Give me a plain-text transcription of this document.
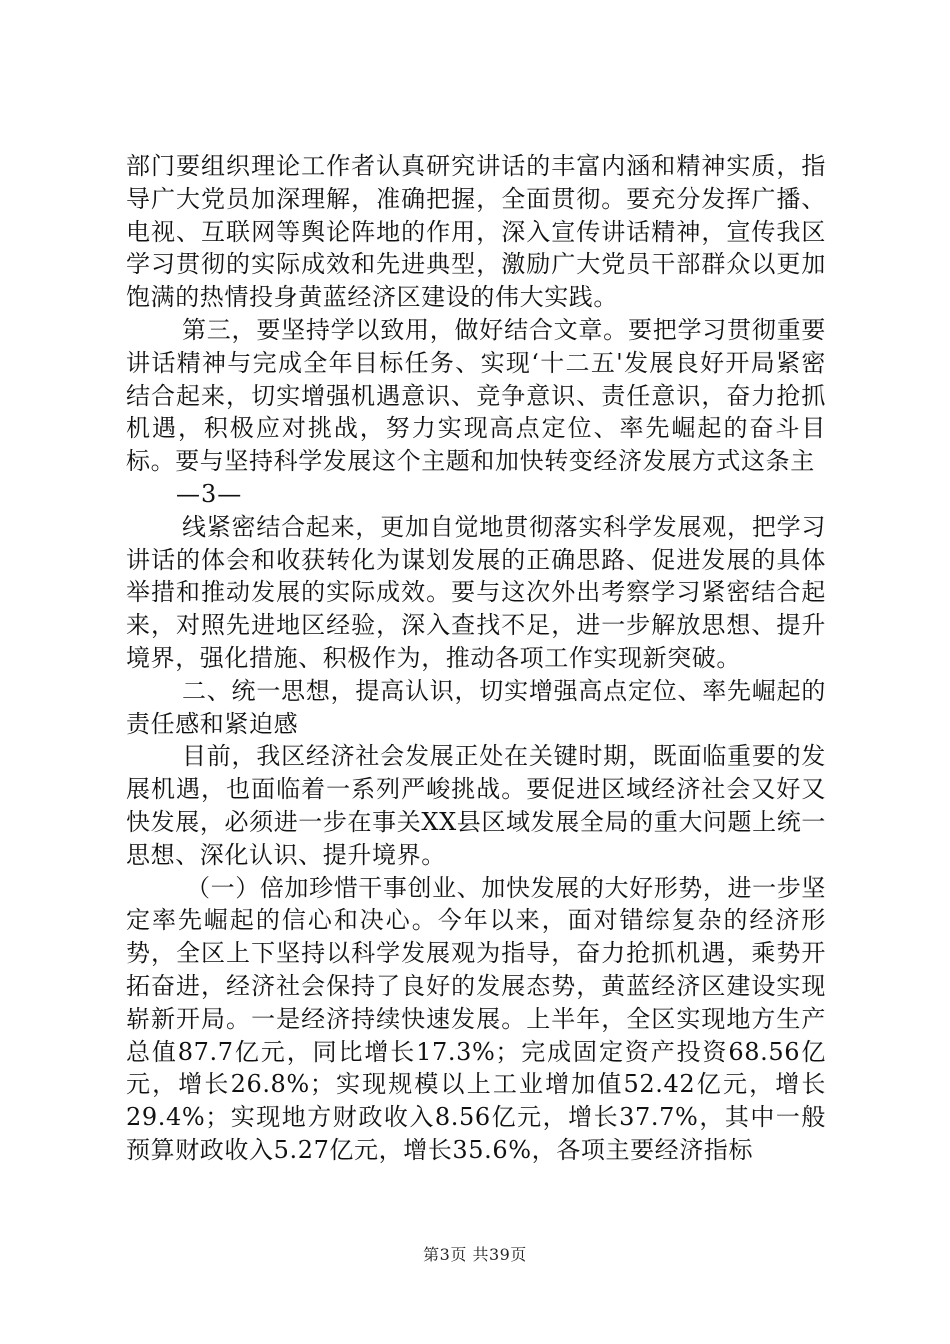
部门要组织理论工作者认真研究讲话的丰富内涵和精神实质，指导广大党员加深理解，准确把握，全面贯彻。要充分发挥广播、电视、互联网等舆论阵地的作用，深入宣传讲话精神，宣传我区学习贯彻的实际成效和先进典型，激励广大党员干部群众以更加饱满的热情投身黄蓝经济区建设的伟大实践。

第三，要坚持学以致用，做好结合文章。要把学习贯彻重要讲话精神与完成全年目标任务、实现‘十二五'发展良好开局紧密结合起来，切实增强机遇意识、竞争意识、责任意识，奋力抢抓机遇，积极应对挑战，努力实现高点定位、率先崛起的奋斗目标。要与坚持科学发展这个主题和加快转变经济发展方式这条主

—3—

线紧密结合起来，更加自觉地贯彻落实科学发展观，把学习讲话的体会和收获转化为谋划发展的正确思路、促进发展的具体举措和推动发展的实际成效。要与这次外出考察学习紧密结合起来，对照先进地区经验，深入查找不足，进一步解放思想、提升境界，强化措施、积极作为，推动各项工作实现新突破。

二、统一思想，提高认识，切实增强高点定位、率先崛起的责任感和紧迫感

目前，我区经济社会发展正处在关键时期，既面临重要的发展机遇，也面临着一系列严峻挑战。要促进区域经济社会又好又快发展，必须进一步在事关XX县区域发展全局的重大问题上统一思想、深化认识、提升境界。

（一）倍加珍惜干事创业、加快发展的大好形势，进一步坚定率先崛起的信心和决心。今年以来，面对错综复杂的经济形势，全区上下坚持以科学发展观为指导，奋力抢抓机遇，乘势开拓奋进，经济社会保持了良好的发展态势，黄蓝经济区建设实现崭新开局。一是经济持续快速发展。上半年，全区实现地方生产总值87.7亿元，同比增长17.3%；完成固定资产投资68.56亿元，增长26.8%；实现规模以上工业增加值52.42亿元，增长29.4%；实现地方财政收入8.56亿元，增长37.7%，其中一般预算财政收入5.27亿元，增长35.6%，各项主要经济指标

第3页 共39页
